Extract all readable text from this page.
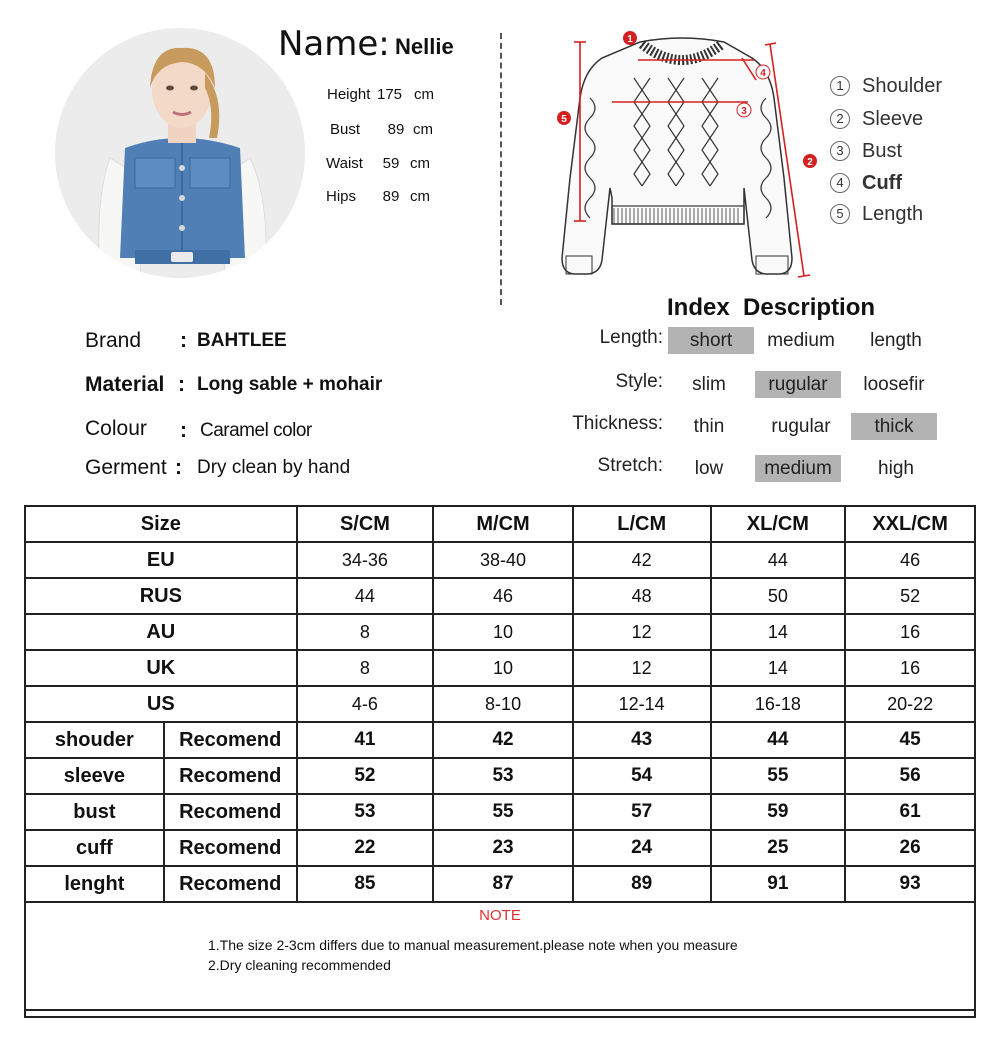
Name: Nellie
Height 175 cm
Bust 89 cm
Waist 59 cm
Hips 89 cm
1
2
3
4
5
1 Shoulder
2 Sleeve
3 Bust
4 Cuff
5 Length
Brand : BAHTLEE
Material : Long sable + mohair
Colour : Caramel color
Germent : Dry clean by hand
Index  Description
Length:	short	medium	length
Style:	slim	rugular	loosefir
Thickness:	thin	rugular	thick
Stretch:	low	medium	high
Size		S/CM	M/CM	L/CM	XL/CM	XXL/CM
EU		34-36	38-40	42	44	46
RUS		44	46	48	50	52
AU		8	10	12	14	16
UK		8	10	12	14	16
US		4-6	8-10	12-14	16-18	20-22
shouder	Recomend	41	42	43	44	45
sleeve	Recomend	52	53	54	55	56
bust	Recomend	53	55	57	59	61
cuff	Recomend	22	23	24	25	26
lenght	Recomend	85	87	89	91	93

NOTE
1.The size 2-3cm differs due to manual measurement.please note when you measure
2.Dry cleaning recommended						
